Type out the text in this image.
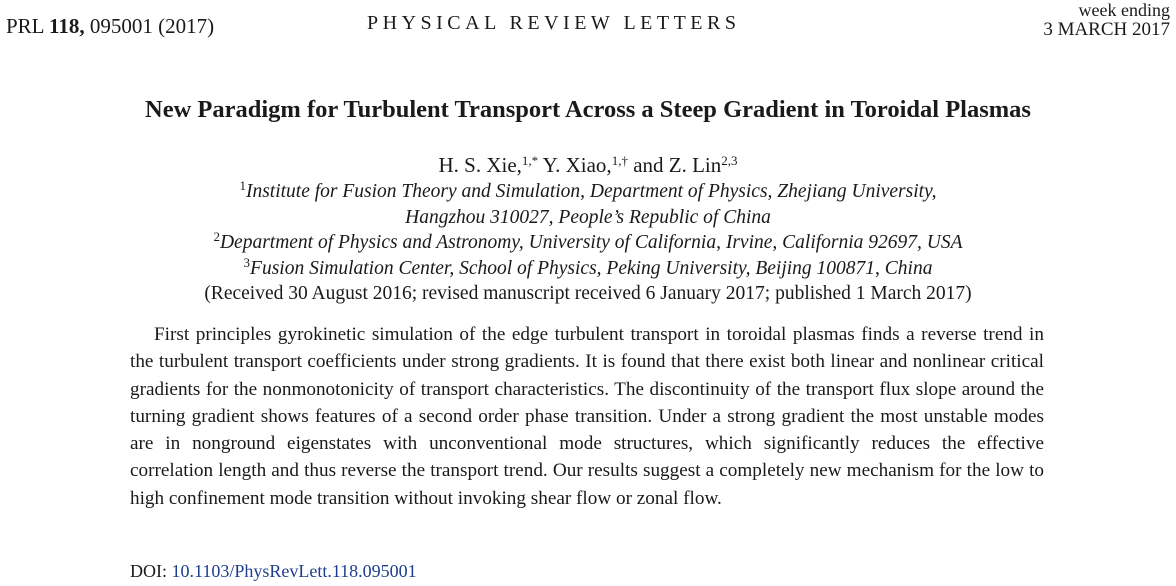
PRL 118, 095001 (2017)	PHYSICAL REVIEW LETTERS
week ending
3 MARCH 2017
New Paradigm for Turbulent Transport Across a Steep Gradient in Toroidal Plasmas
H. S. Xie,$^{1,*}$ Y. Xiao,$^{1,\dagger}$ and Z. Lin$^{2,3}$
$^1$Institute for Fusion Theory and Simulation, Department of Physics, Zhejiang University,
Hangzhou 310027, People’s Republic of China
$^2$Department of Physics and Astronomy, University of California, Irvine, California 92697, USA
$^3$Fusion Simulation Center, School of Physics, Peking University, Beijing 100871, China
(Received 30 August 2016; revised manuscript received 6 January 2017; published 1 March 2017)

First principles gyrokinetic simulation of the edge turbulent transport in toroidal plasmas finds a reverse trend in the turbulent transport coefficients under strong gradients. It is found that there exist both linear and nonlinear critical gradients for the nonmonotonicity of transport characteristics. The discontinuity of the transport flux slope around the turning gradient shows features of a second order phase transition. Under a strong gradient the most unstable modes are in nonground eigenstates with unconventional mode structures, which significantly reduces the effective correlation length and thus reverse the transport trend. Our results suggest a completely new mechanism for the low to high confinement mode transition without invoking shear flow or zonal flow.

DOI: 10.1103/PhysRevLett.118.095001
